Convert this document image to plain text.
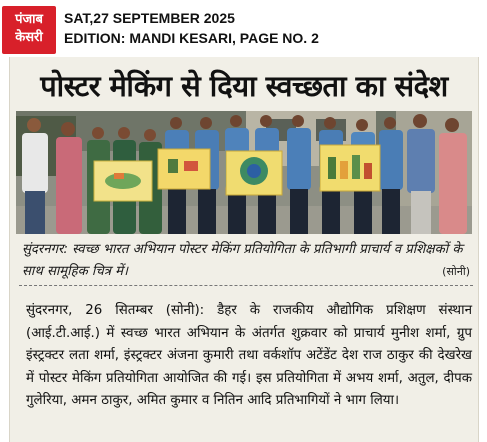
पंजाब
केसरी
SAT,27 SEPTEMBER 2025
EDITION: MANDI KESARI, PAGE NO. 2
पोस्टर मेकिंग से दिया स्वच्छता का संदेश
सुंदरनगर: स्वच्छ भारत अभियान पोस्टर मेकिंग प्रतियोगिता के प्रतिभागी प्राचार्य व प्रशिक्षकों के साथ सामूहिक चित्र में।	(सोनी)

सुंदरनगर, 26 सितम्बर (सोनी): डैहर के राजकीय औद्योगिक प्रशिक्षण संस्थान (आई.टी.आई.) में स्वच्छ भारत अभियान के अंतर्गत शुक्रवार को प्राचार्य मुनीश शर्मा, ग्रुप इंस्ट्रक्टर लता शर्मा, इंस्ट्रक्टर अंजना कुमारी तथा वर्कशॉप अटेंडेंट देश राज ठाकुर की देखरेख में पोस्टर मेकिंग प्रतियोगिता आयोजित की गई। इस प्रतियोगिता में अभय शर्मा, अतुल, दीपक गुलेरिया, अमन ठाकुर, अमित कुमार व नितिन आदि प्रतिभागियों ने भाग लिया।
